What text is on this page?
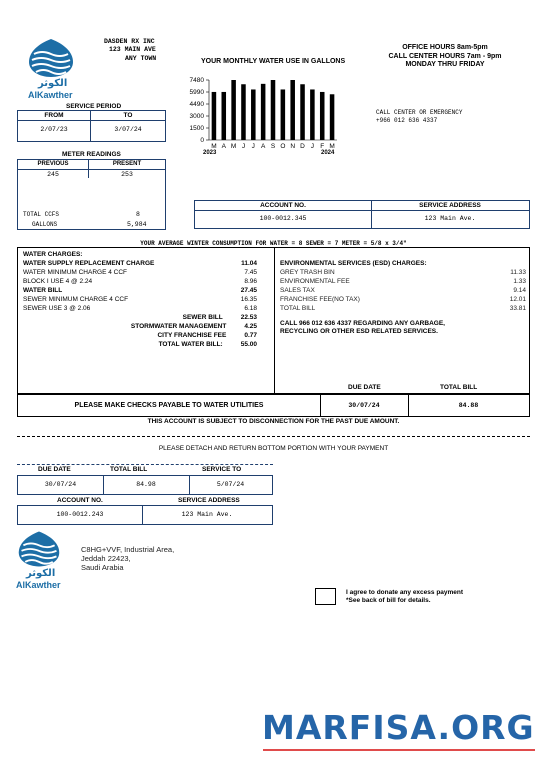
الكوثر
AlKawther
DASDEN RX INC
123 MAIN AVE
ANY TOWN
OFFICE HOURS 8am-5pm
CALL CENTER HOURS 7am - 9pm
MONDAY THRU FRIDAY
CALL CENTER OR EMERGENCY
+966 012 636 4337
YOUR MONTHLY WATER USE IN GALLONS
7480
5990
4490
3000
1500
0
M A M J J A S O N D J F M
2023	2024
SERVICE PERIOD
FROM	TO
2/07/23	3/07/24
METER READINGS
PREVIOUS	PRESENT
245	253
TOTAL CCFS	8
GALLONS	5,984
ACCOUNT NO.	SERVICE ADDRESS
100-0012.345	123 Main Ave.
YOUR AVERAGE WINTER CONSUMPTION FOR WATER = 8 SEWER = 7 METER = 5/8 x 3/4"
WATER CHARGES:
WATER SUPPLY REPLACEMENT CHARGE	11.04
WATER MINIMUM CHARGE 4 CCF	7.45
BLOCK I USE 4 @ 2.24	8.96
WATER BILL	27.45
SEWER MINIMUM CHARGE 4 CCF	16.35
SEWER USE 3 @ 2.06	6.18
SEWER BILL	22.53
STORMWATER MANAGEMENT	4.25
CITY FRANCHISE FEE	0.77
TOTAL WATER BILL:	55.00
ENVIRONMENTAL SERVICES (ESD) CHARGES:
GREY TRASH BIN	11.33
ENVIRONMENTAL FEE	1.33
SALES TAX	9.14
FRANCHISE FEE(NO TAX)	12.01
TOTAL BILL	33.81
CALL 966 012 636 4337 REGARDING ANY GARBAGE,
RECYCLING OR OTHER ESD RELATED SERVICES.
DUE DATE	TOTAL BILL
PLEASE MAKE CHECKS PAYABLE TO WATER UTILITIES	30/07/24	84.88
THIS ACCOUNT IS SUBJECT TO DISCONNECTION FOR THE PAST DUE AMOUNT.
PLEASE DETACH AND RETURN BOTTOM PORTION WITH YOUR PAYMENT
DUE DATE	TOTAL BILL	SERVICE TO
30/07/24	84.98	5/07/24
ACCOUNT NO.	SERVICE ADDRESS
100-0012.243	123 Main Ave.
الكوثر
AlKawther
C8HG+VVF, Industrial Area,
Jeddah 22423,
Saudi Arabia
I agree to donate any excess payment
*See back of bill for details.
MARFISA.ORG
